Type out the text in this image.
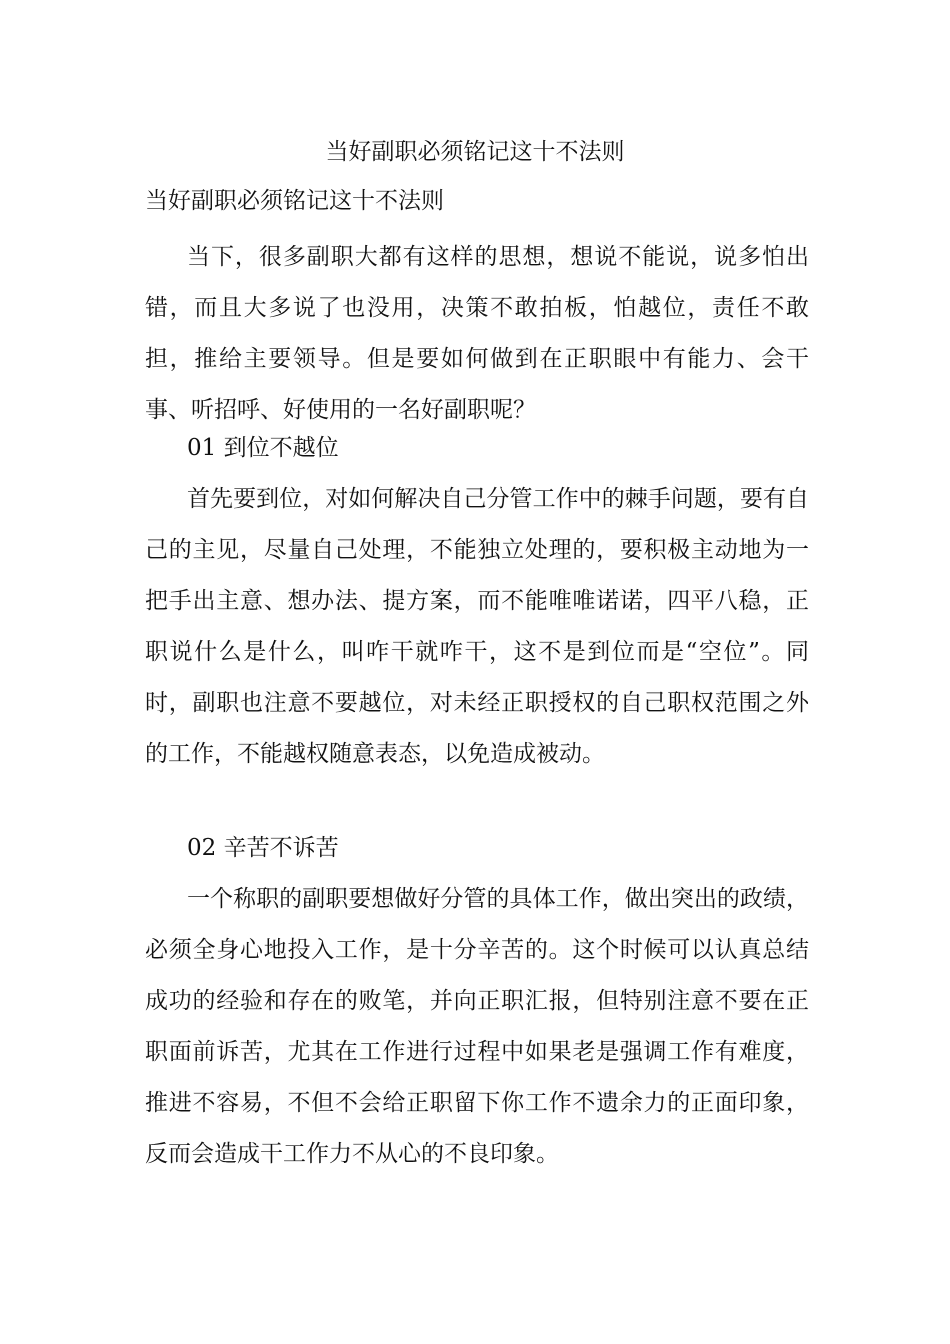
当好副职必须铭记这十不法则

当好副职必须铭记这十不法则

当下，很多副职大都有这样的思想，想说不能说，说多怕出错，而且大多说了也没用，决策不敢拍板，怕越位，责任不敢担，推给主要领导。但是要如何做到在正职眼中有能力、会干事、听招呼、好使用的一名好副职呢？

01 到位不越位

首先要到位，对如何解决自己分管工作中的棘手问题，要有自己的主见，尽量自己处理，不能独立处理的，要积极主动地为一把手出主意、想办法、提方案，而不能唯唯诺诺，四平八稳，正职说什么是什么，叫咋干就咋干，这不是到位而是“空位”。同时，副职也注意不要越位，对未经正职授权的自己职权范围之外的工作，不能越权随意表态，以免造成被动。

02 辛苦不诉苦

一个称职的副职要想做好分管的具体工作，做出突出的政绩，必须全身心地投入工作，是十分辛苦的。这个时候可以认真总结成功的经验和存在的败笔，并向正职汇报，但特别注意不要在正职面前诉苦，尤其在工作进行过程中如果老是强调工作有难度，推进不容易，不但不会给正职留下你工作不遗余力的正面印象，反而会造成干工作力不从心的不良印象。
